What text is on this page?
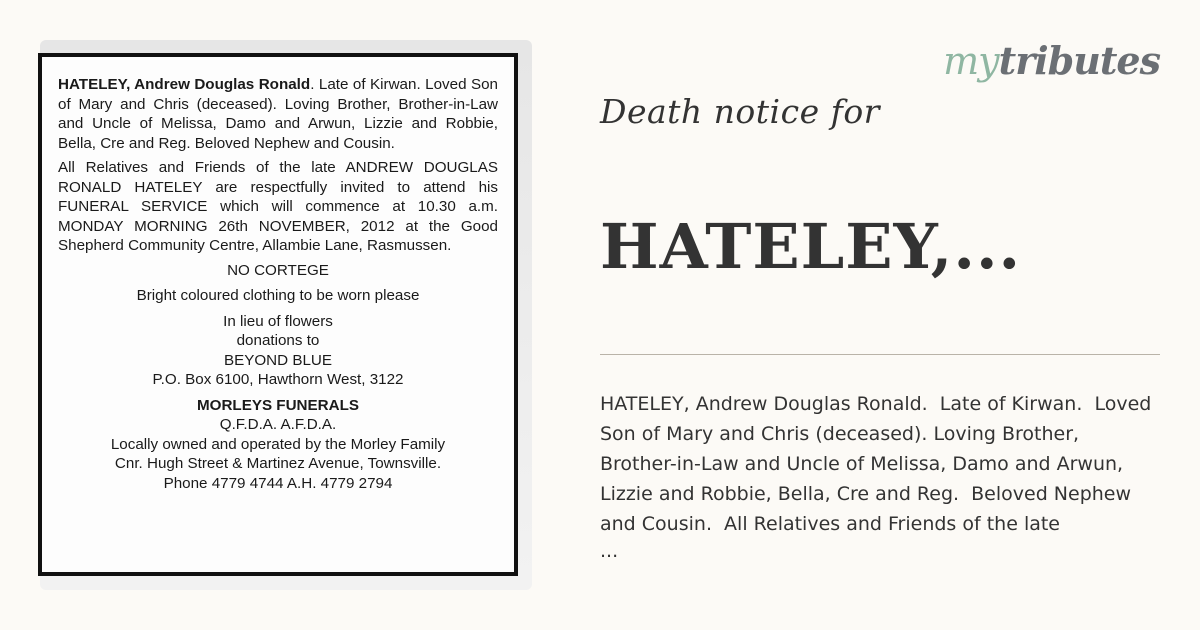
HATELEY, Andrew Douglas Ronald. Late of Kirwan. Loved Son of Mary and Chris (deceased). Loving Brother, Brother-in-Law and Uncle of Melissa, Damo and Arwun, Lizzie and Robbie, Bella, Cre and Reg. Beloved Nephew and Cousin.

All Relatives and Friends of the late ANDREW DOUGLAS RONALD HATELEY are respectfully invited to attend his FUNERAL SERVICE which will commence at 10.30 a.m. MONDAY MORNING 26th NOVEMBER, 2012 at the Good Shepherd Community Centre, Allambie Lane, Rasmussen.

NO CORTEGE

Bright coloured clothing to be worn please

In lieu of flowers

donations to

BEYOND BLUE

P.O. Box 6100, Hawthorn West, 3122

MORLEYS FUNERALS

Q.F.D.A. A.F.D.A.

Locally owned and operated by the Morley Family

Cnr. Hugh Street & Martinez Avenue, Townsville.

Phone 4779 4744 A.H. 4779 2794

mytributes
Death notice for
HATELEY,...
HATELEY, Andrew Douglas Ronald.  Late of Kirwan.  Loved
Son of Mary and Chris (deceased). Loving Brother,
Brother-in-Law and Uncle of Melissa, Damo and Arwun,
Lizzie and Robbie, Bella, Cre and Reg.  Beloved Nephew
and Cousin.  All Relatives and Friends of the late
...
